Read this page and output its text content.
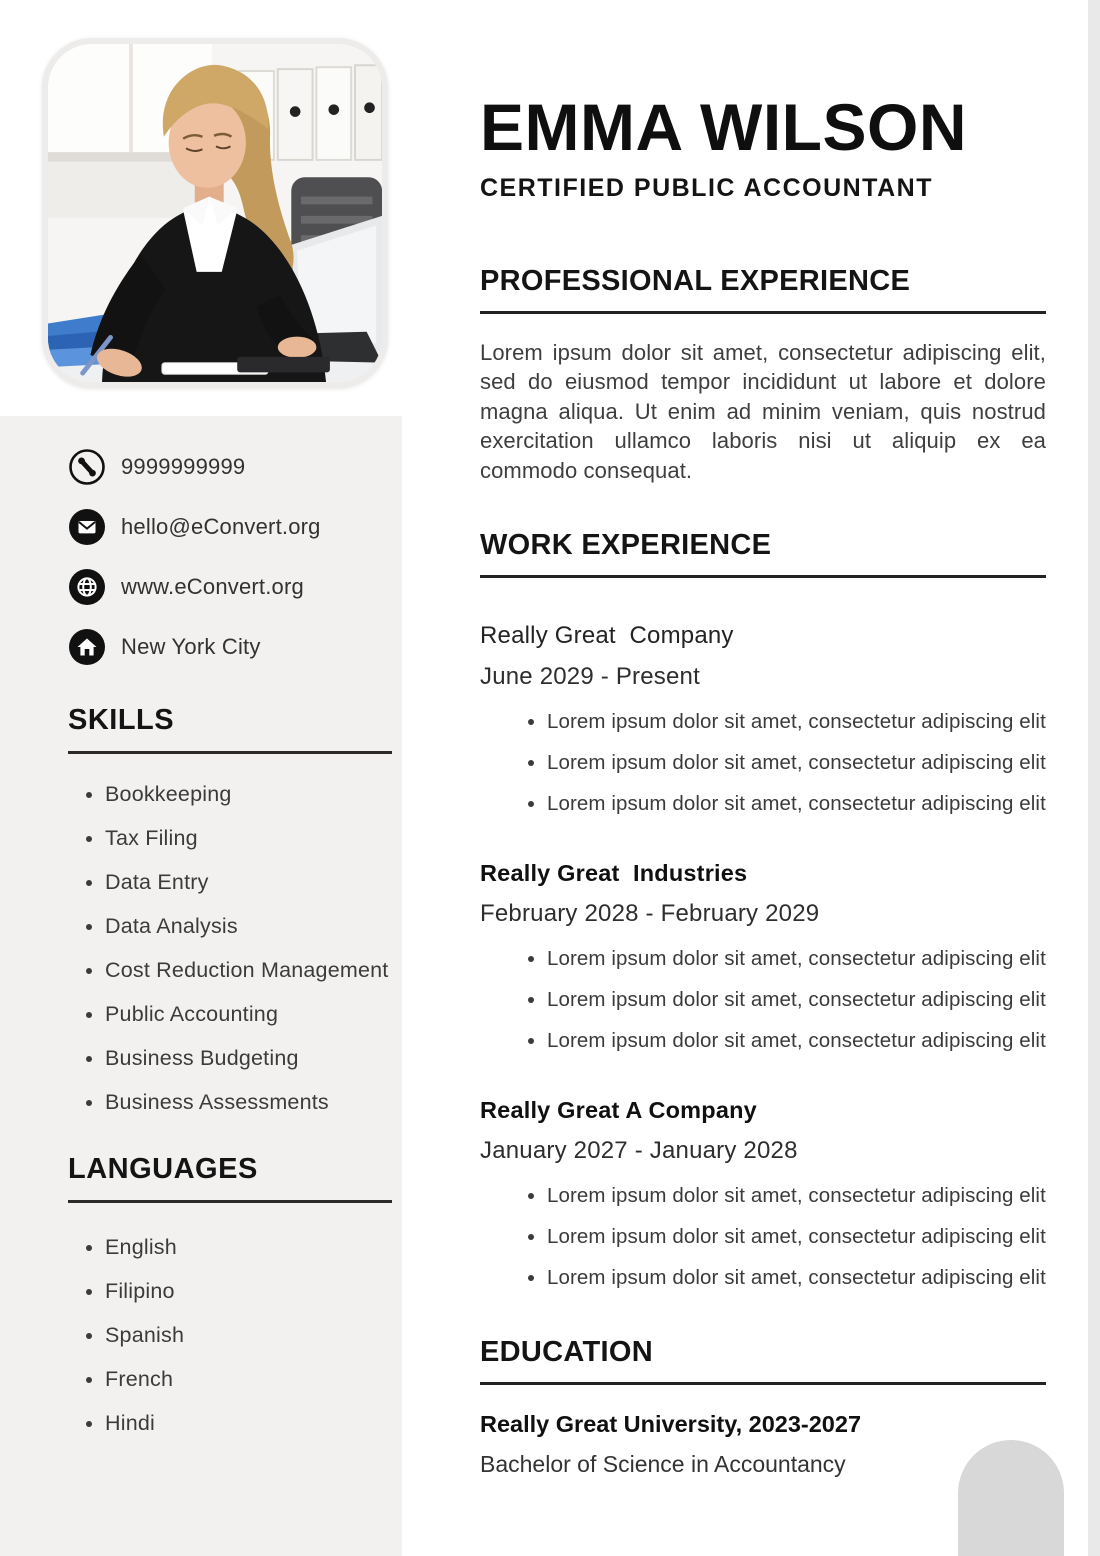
9999999999
hello@eConvert.org
www.eConvert.org
New York City
SKILLS
• Bookkeeping
• Tax Filing
• Data Entry
• Data Analysis
• Cost Reduction Management
• Public Accounting
• Business Budgeting
• Business Assessments
LANGUAGES
• English
• Filipino
• Spanish
• French
• Hindi
EMMA WILSON
CERTIFIED PUBLIC ACCOUNTANT
PROFESSIONAL EXPERIENCE

Lorem ipsum dolor sit amet, consectetur adipiscing elit, sed do eiusmod tempor incididunt ut labore et dolore magna aliqua. Ut enim ad minim veniam, quis nostrud exercitation ullamco laboris nisi ut aliquip ex ea commodo consequat.

WORK EXPERIENCE
Really Great  Company
June 2029 - Present
• Lorem ipsum dolor sit amet, consectetur adipiscing elit
• Lorem ipsum dolor sit amet, consectetur adipiscing elit
• Lorem ipsum dolor sit amet, consectetur adipiscing elit
Really Great  Industries
February 2028 - February 2029
• Lorem ipsum dolor sit amet, consectetur adipiscing elit
• Lorem ipsum dolor sit amet, consectetur adipiscing elit
• Lorem ipsum dolor sit amet, consectetur adipiscing elit
Really Great A Company
January 2027 - January 2028
• Lorem ipsum dolor sit amet, consectetur adipiscing elit
• Lorem ipsum dolor sit amet, consectetur adipiscing elit
• Lorem ipsum dolor sit amet, consectetur adipiscing elit
EDUCATION
Really Great University, 2023-2027
Bachelor of Science in Accountancy
